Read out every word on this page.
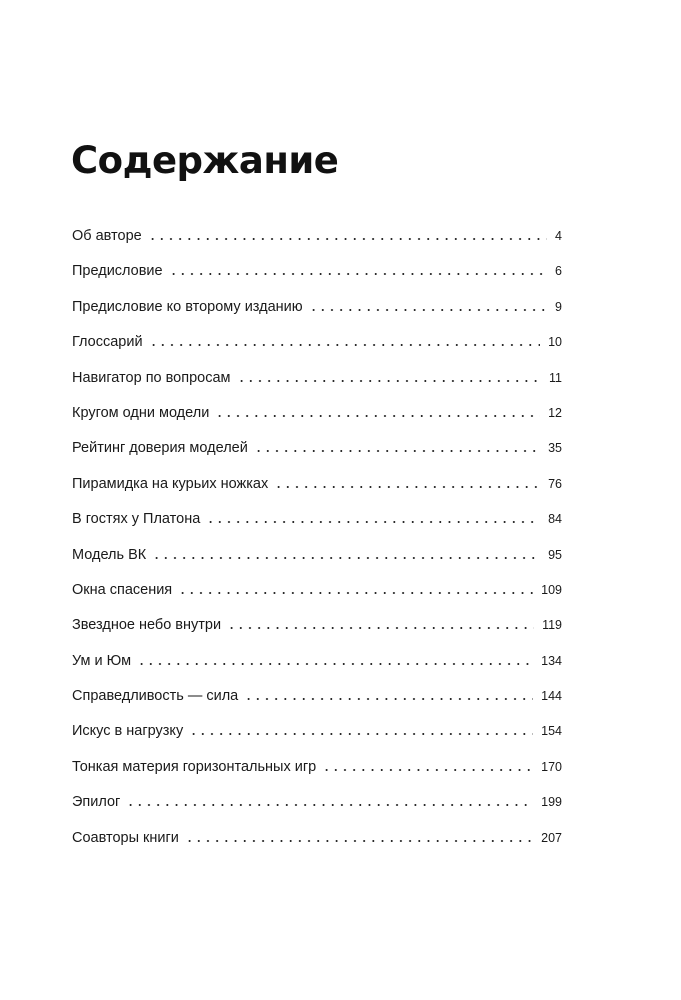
Содержание
Об авторе	4
Предисловие	6
Предисловие ко второму изданию	9
Глоссарий	10
Навигатор по вопросам	11
Кругом одни модели	12
Рейтинг доверия моделей	35
Пирамидка на курьих ножках	76
В гостях у Платона	84
Модель ВК	95
Окна спасения	109
Звездное небо внутри	119
Ум и Юм	134
Справедливость — сила	144
Искус в нагрузку	154
Тонкая материя горизонтальных игр	170
Эпилог	199
Соавторы книги	207
